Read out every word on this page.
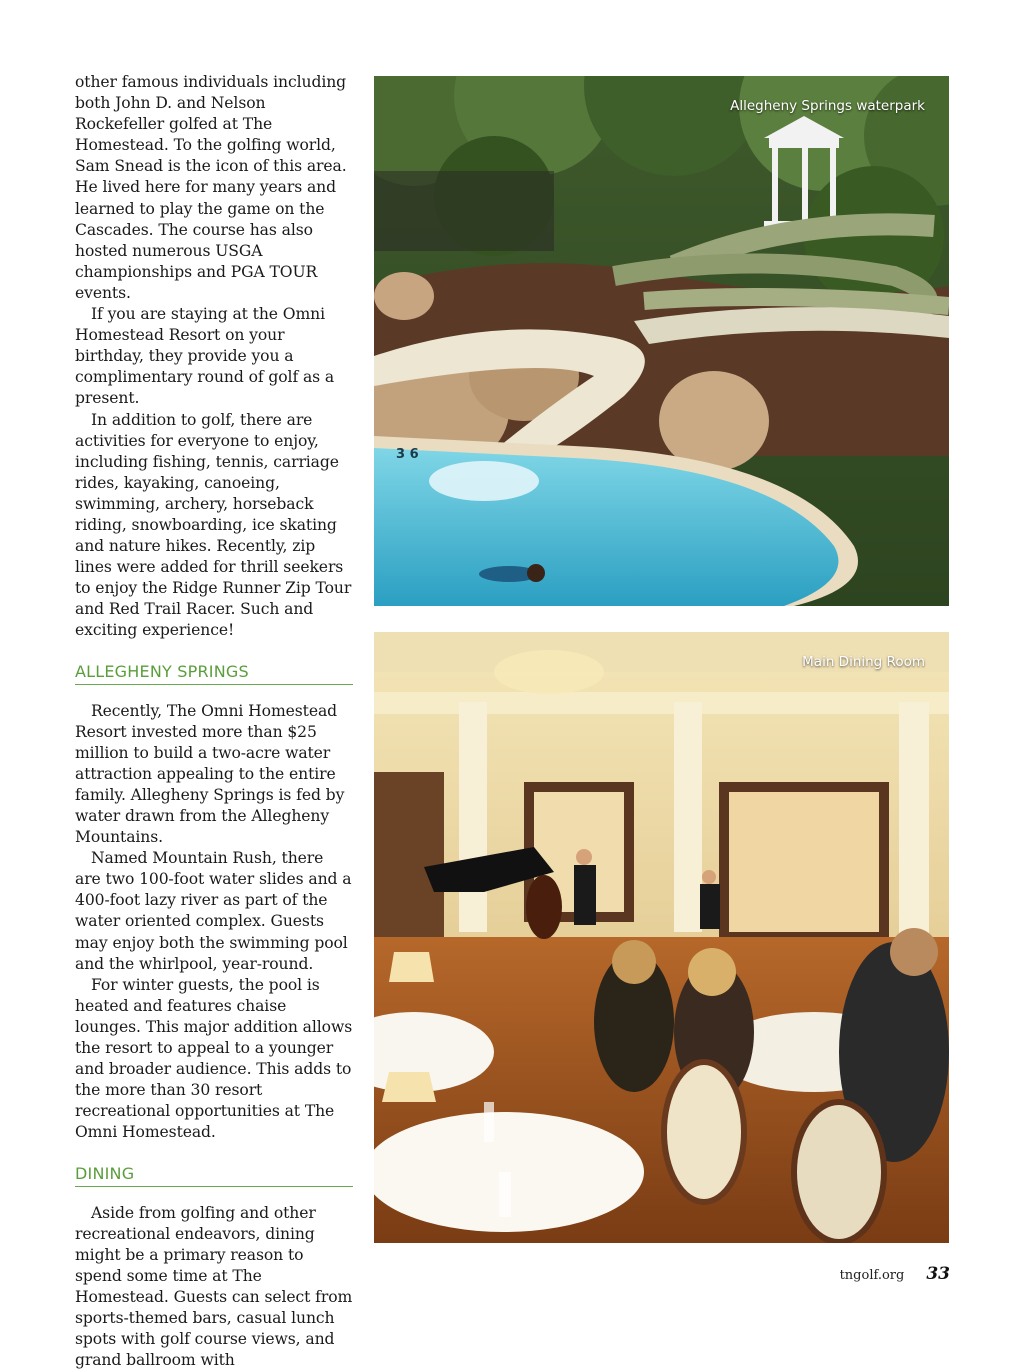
other famous individuals including both John D. and Nelson Rockefeller golfed at The Homestead. To the golfing world, Sam Snead is the icon of this area. He lived here for many years and learned to play the game on the Cascades. The course has also hosted numerous USGA championships and PGA TOUR events.

If you are staying at the Omni Homestead Resort on your birthday, they provide you a complimentary round of golf as a present.

In addition to golf, there are activities for everyone to enjoy, including fishing, tennis, carriage rides, kayaking, canoeing, swimming, archery, horseback riding, snowboarding, ice skating and nature hikes. Recently, zip lines were added for thrill seekers to enjoy the Ridge Runner Zip Tour and Red Trail Racer. Such and exciting experience!

ALLEGHENY SPRINGS

Recently, The Omni Homestead Resort invested more than $25 million to build a two-acre water attraction appealing to the entire family. Allegheny Springs is fed by water drawn from the Allegheny Mountains.

Named Mountain Rush, there are two 100-foot water slides and a 400-foot lazy river as part of the water oriented complex. Guests may enjoy both the swimming pool and the whirlpool, year-round.

For winter guests, the pool is heated and features chaise lounges. This major addition allows the resort to appeal to a younger and broader audience. This adds to the more than 30 resort recreational opportunities at The Omni Homestead.

DINING

Aside from golfing and other recreational endeavors, dining might be a primary reason to spend some time at The Homestead. Guests can select from sports-themed bars, casual lunch spots with golf course views, and grand ballroom with

3 6
Allegheny Springs waterpark
Main Dining Room
tngolf.org 33
